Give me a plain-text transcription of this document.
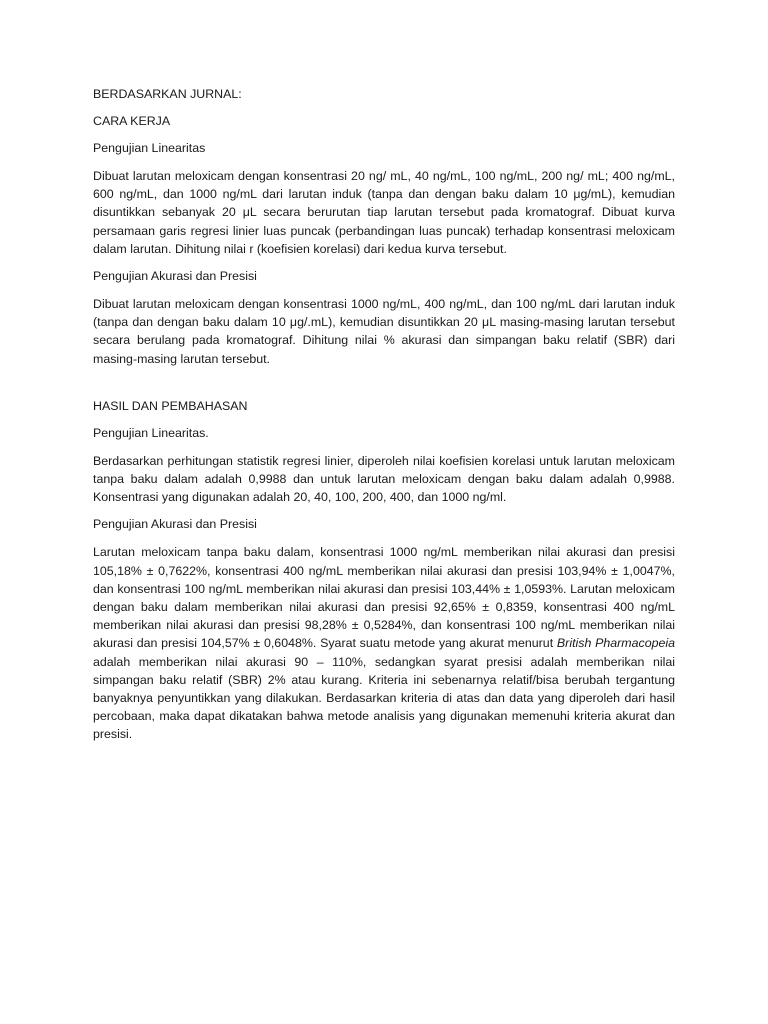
BERDASARKAN JURNAL:

CARA KERJA

Pengujian Linearitas

Dibuat larutan meloxicam dengan konsentrasi 20 ng/ mL, 40 ng/mL, 100 ng/mL, 200 ng/ mL; 400 ng/mL, 600 ng/mL, dan 1000 ng/mL dari larutan induk (tanpa dan dengan baku dalam 10 μg/mL), kemudian disuntikkan sebanyak 20 μL secara berurutan tiap larutan tersebut pada kromatograf. Dibuat kurva persamaan garis regresi linier luas puncak (perbandingan luas puncak) terhadap konsentrasi meloxicam dalam larutan. Dihitung nilai r (koefisien korelasi) dari kedua kurva tersebut.

Pengujian Akurasi dan Presisi

Dibuat larutan meloxicam dengan konsentrasi 1000 ng/mL, 400 ng/mL, dan 100 ng/mL dari larutan induk (tanpa dan dengan baku dalam 10 μg/.mL), kemudian disuntikkan 20 μL masing-masing larutan tersebut secara berulang pada kromatograf. Dihitung nilai % akurasi dan simpangan baku relatif (SBR) dari masing-masing larutan tersebut.

HASIL DAN PEMBAHASAN

Pengujian Linearitas.

Berdasarkan perhitungan statistik regresi linier, diperoleh nilai koefisien korelasi untuk larutan meloxicam tanpa baku dalam adalah 0,9988 dan untuk larutan meloxicam dengan baku dalam adalah 0,9988. Konsentrasi yang digunakan adalah 20, 40, 100, 200, 400, dan 1000 ng/ml.

Pengujian Akurasi dan Presisi

Larutan meloxicam tanpa baku dalam, konsentrasi 1000 ng/mL memberikan nilai akurasi dan presisi 105,18% ± 0,7622%, konsentrasi 400 ng/mL memberikan nilai akurasi dan presisi 103,94% ± 1,0047%, dan konsentrasi 100 ng/mL memberikan nilai akurasi dan presisi 103,44% ± 1,0593%. Larutan meloxicam dengan baku dalam memberikan nilai akurasi dan presisi 92,65% ± 0,8359, konsentrasi 400 ng/mL memberikan nilai akurasi dan presisi 98,28% ± 0,5284%, dan konsentrasi 100 ng/mL memberikan nilai akurasi dan presisi 104,57% ± 0,6048%. Syarat suatu metode yang akurat menurut British Pharmacopeia adalah memberikan nilai akurasi 90 – 110%, sedangkan syarat presisi adalah memberikan nilai simpangan baku relatif (SBR) 2% atau kurang. Kriteria ini sebenarnya relatif/bisa berubah tergantung banyaknya penyuntikkan yang dilakukan. Berdasarkan kriteria di atas dan data yang diperoleh dari hasil percobaan, maka dapat dikatakan bahwa metode analisis yang digunakan memenuhi kriteria akurat dan presisi.
